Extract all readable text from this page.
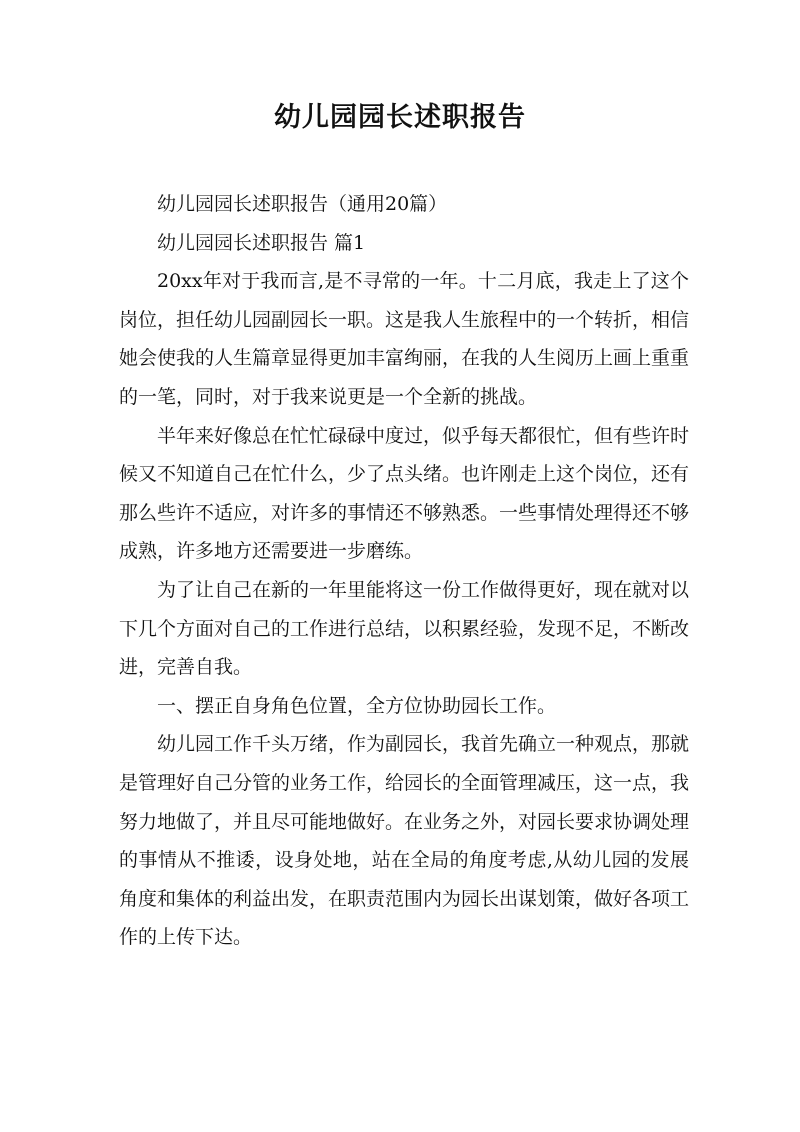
幼儿园园长述职报告

幼儿园园长述职报告（通用20篇）

幼儿园园长述职报告 篇1

20xx年对于我而言,是不寻常的一年。十二月底，我走上了这个岗位，担任幼儿园副园长一职。这是我人生旅程中的一个转折，相信她会使我的人生篇章显得更加丰富绚丽，在我的人生阅历上画上重重的一笔，同时，对于我来说更是一个全新的挑战。

半年来好像总在忙忙碌碌中度过，似乎每天都很忙，但有些许时候又不知道自己在忙什么，少了点头绪。也许刚走上这个岗位，还有那么些许不适应，对许多的事情还不够熟悉。一些事情处理得还不够成熟，许多地方还需要进一步磨练。

为了让自己在新的一年里能将这一份工作做得更好，现在就对以下几个方面对自己的工作进行总结，以积累经验，发现不足，不断改进，完善自我。

一、摆正自身角色位置，全方位协助园长工作。

幼儿园工作千头万绪，作为副园长，我首先确立一种观点，那就是管理好自己分管的业务工作，给园长的全面管理减压，这一点，我努力地做了，并且尽可能地做好。在业务之外，对园长要求协调处理的事情从不推诿，设身处地，站在全局的角度考虑,从幼儿园的发展角度和集体的利益出发，在职责范围内为园长出谋划策，做好各项工作的上传下达。
